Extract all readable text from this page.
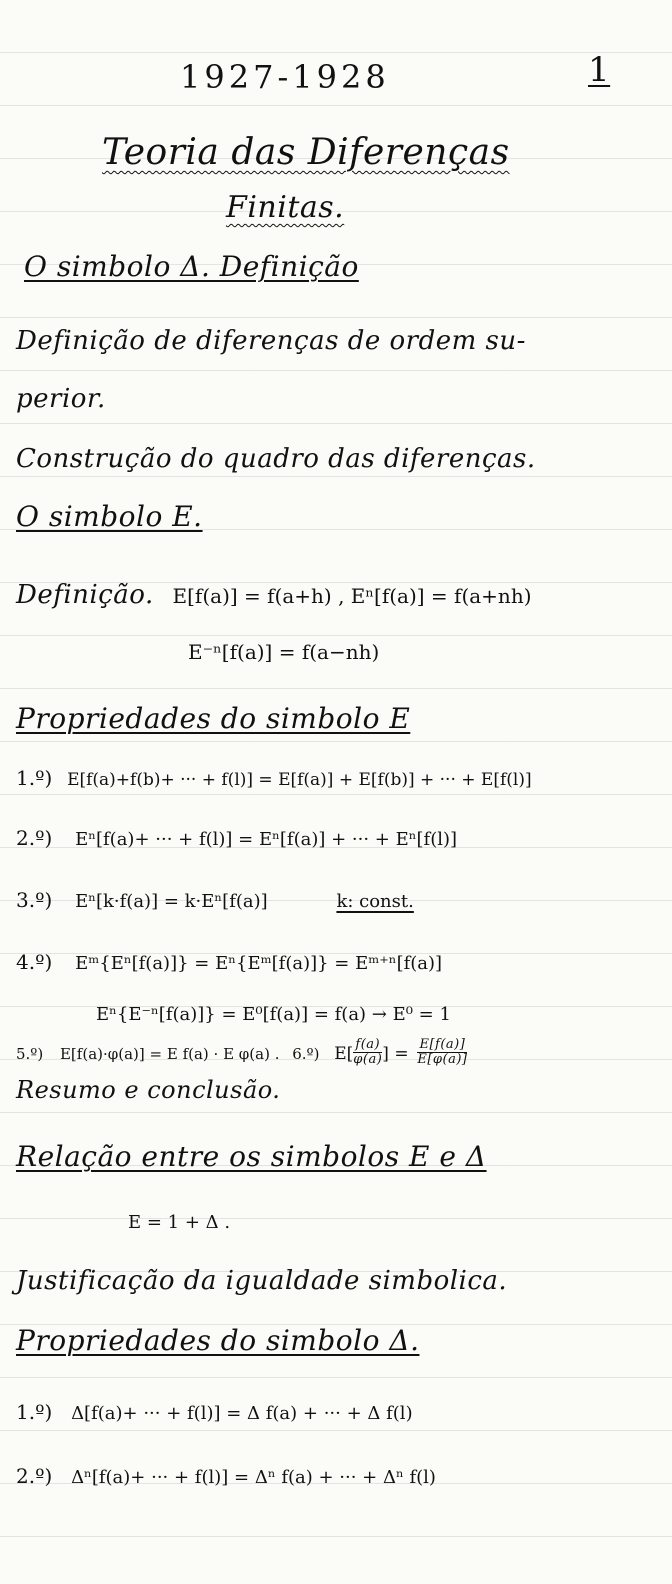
1927-1928	1
Teoria das Diferenças
Finitas.
O simbolo Δ. Definição
Definição de diferenças de ordem su-
perior.
Construção do quadro das diferenças.
O simbolo E.
Definição. E[f(a)] = f(a+h) , Eⁿ[f(a)] = f(a+nh)
E⁻ⁿ[f(a)] = f(a−nh)
Propriedades do simbolo E
1.º) E[f(a)+f(b)+ ··· + f(l)] = E[f(a)] + E[f(b)] + ··· + E[f(l)]
2.º) Eⁿ[f(a)+ ··· + f(l)] = Eⁿ[f(a)] + ··· + Eⁿ[f(l)]
3.º) Eⁿ[k·f(a)] = k·Eⁿ[f(a)]	k: const.
4.º) Eᵐ{Eⁿ[f(a)]} = Eⁿ{Eᵐ[f(a)]} = Eᵐ⁺ⁿ[f(a)]
Eⁿ{E⁻ⁿ[f(a)]} = E⁰[f(a)] = f(a) → E⁰ = 1
5.º) E[f(a)·φ(a)] = E f(a) · E φ(a) . 6.º) $E[ \frac{f(a)}{\varphi(a)}$ ] = $\frac{E[f(a)]}{E[\varphi(a)]}$
Resumo e conclusão.
Relação entre os simbolos E e Δ
E = 1 + Δ .
Justificação da igualdade simbolica.
Propriedades do simbolo Δ.
1.º) Δ[f(a)+ ··· + f(l)] = Δ f(a) + ··· + Δ f(l)
2.º) Δⁿ[f(a)+ ··· + f(l)] = Δⁿ f(a) + ··· + Δⁿ f(l)
